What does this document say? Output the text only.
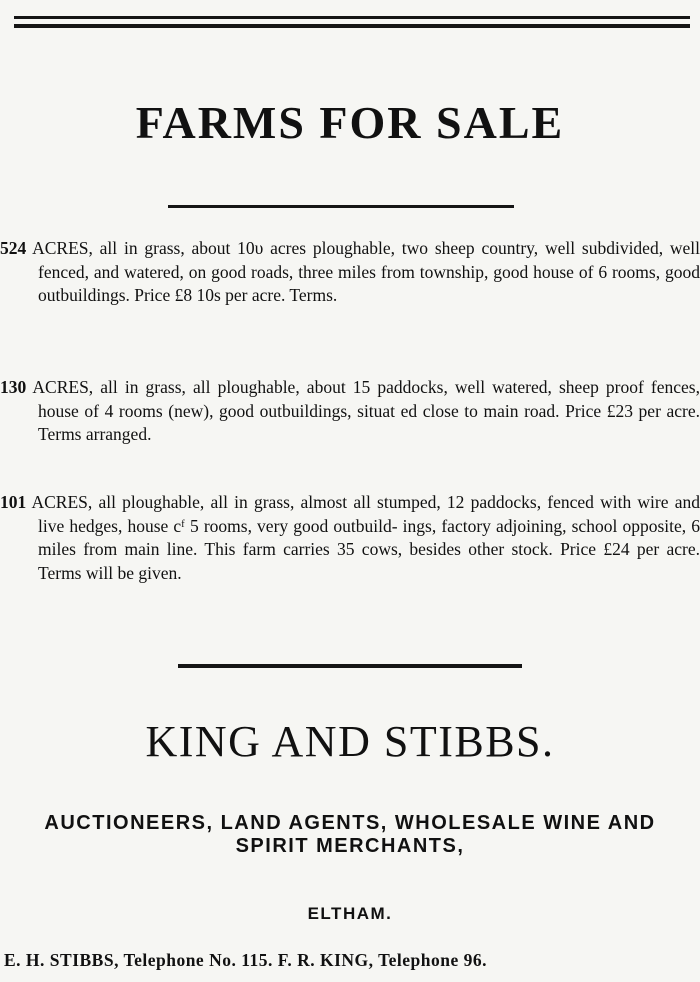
FARMS FOR SALE

524 ACRES, all in grass, about 10υ acres ploughable, two sheep country, well subdivided, well fenced, and watered, on good roads, three miles from township, good house of 6 rooms, good outbuildings. Price £8 10s per acre. Terms.

130 ACRES, all in grass, all ploughable, about 15 paddocks, well watered, sheep proof fences, house of 4 rooms (new), good outbuildings, situat ed close to main road. Price £23 per acre. Terms arranged.

101 ACRES, all ploughable, all in grass, almost all stumped, 12 paddocks, fenced with wire and live hedges, house cᶠ 5 rooms, very good outbuild- ings, factory adjoining, school opposite, 6 miles from main line. This farm carries 35 cows, besides other stock. Price £24 per acre. Terms will be given.

KING AND STIBBS.
AUCTIONEERS, LAND AGENTS, WHOLESALE WINE AND
SPIRIT MERCHANTS,
ELTHAM.
E. H. STIBBS, Telephone No. 115. F. R. KING, Telephone 96.
